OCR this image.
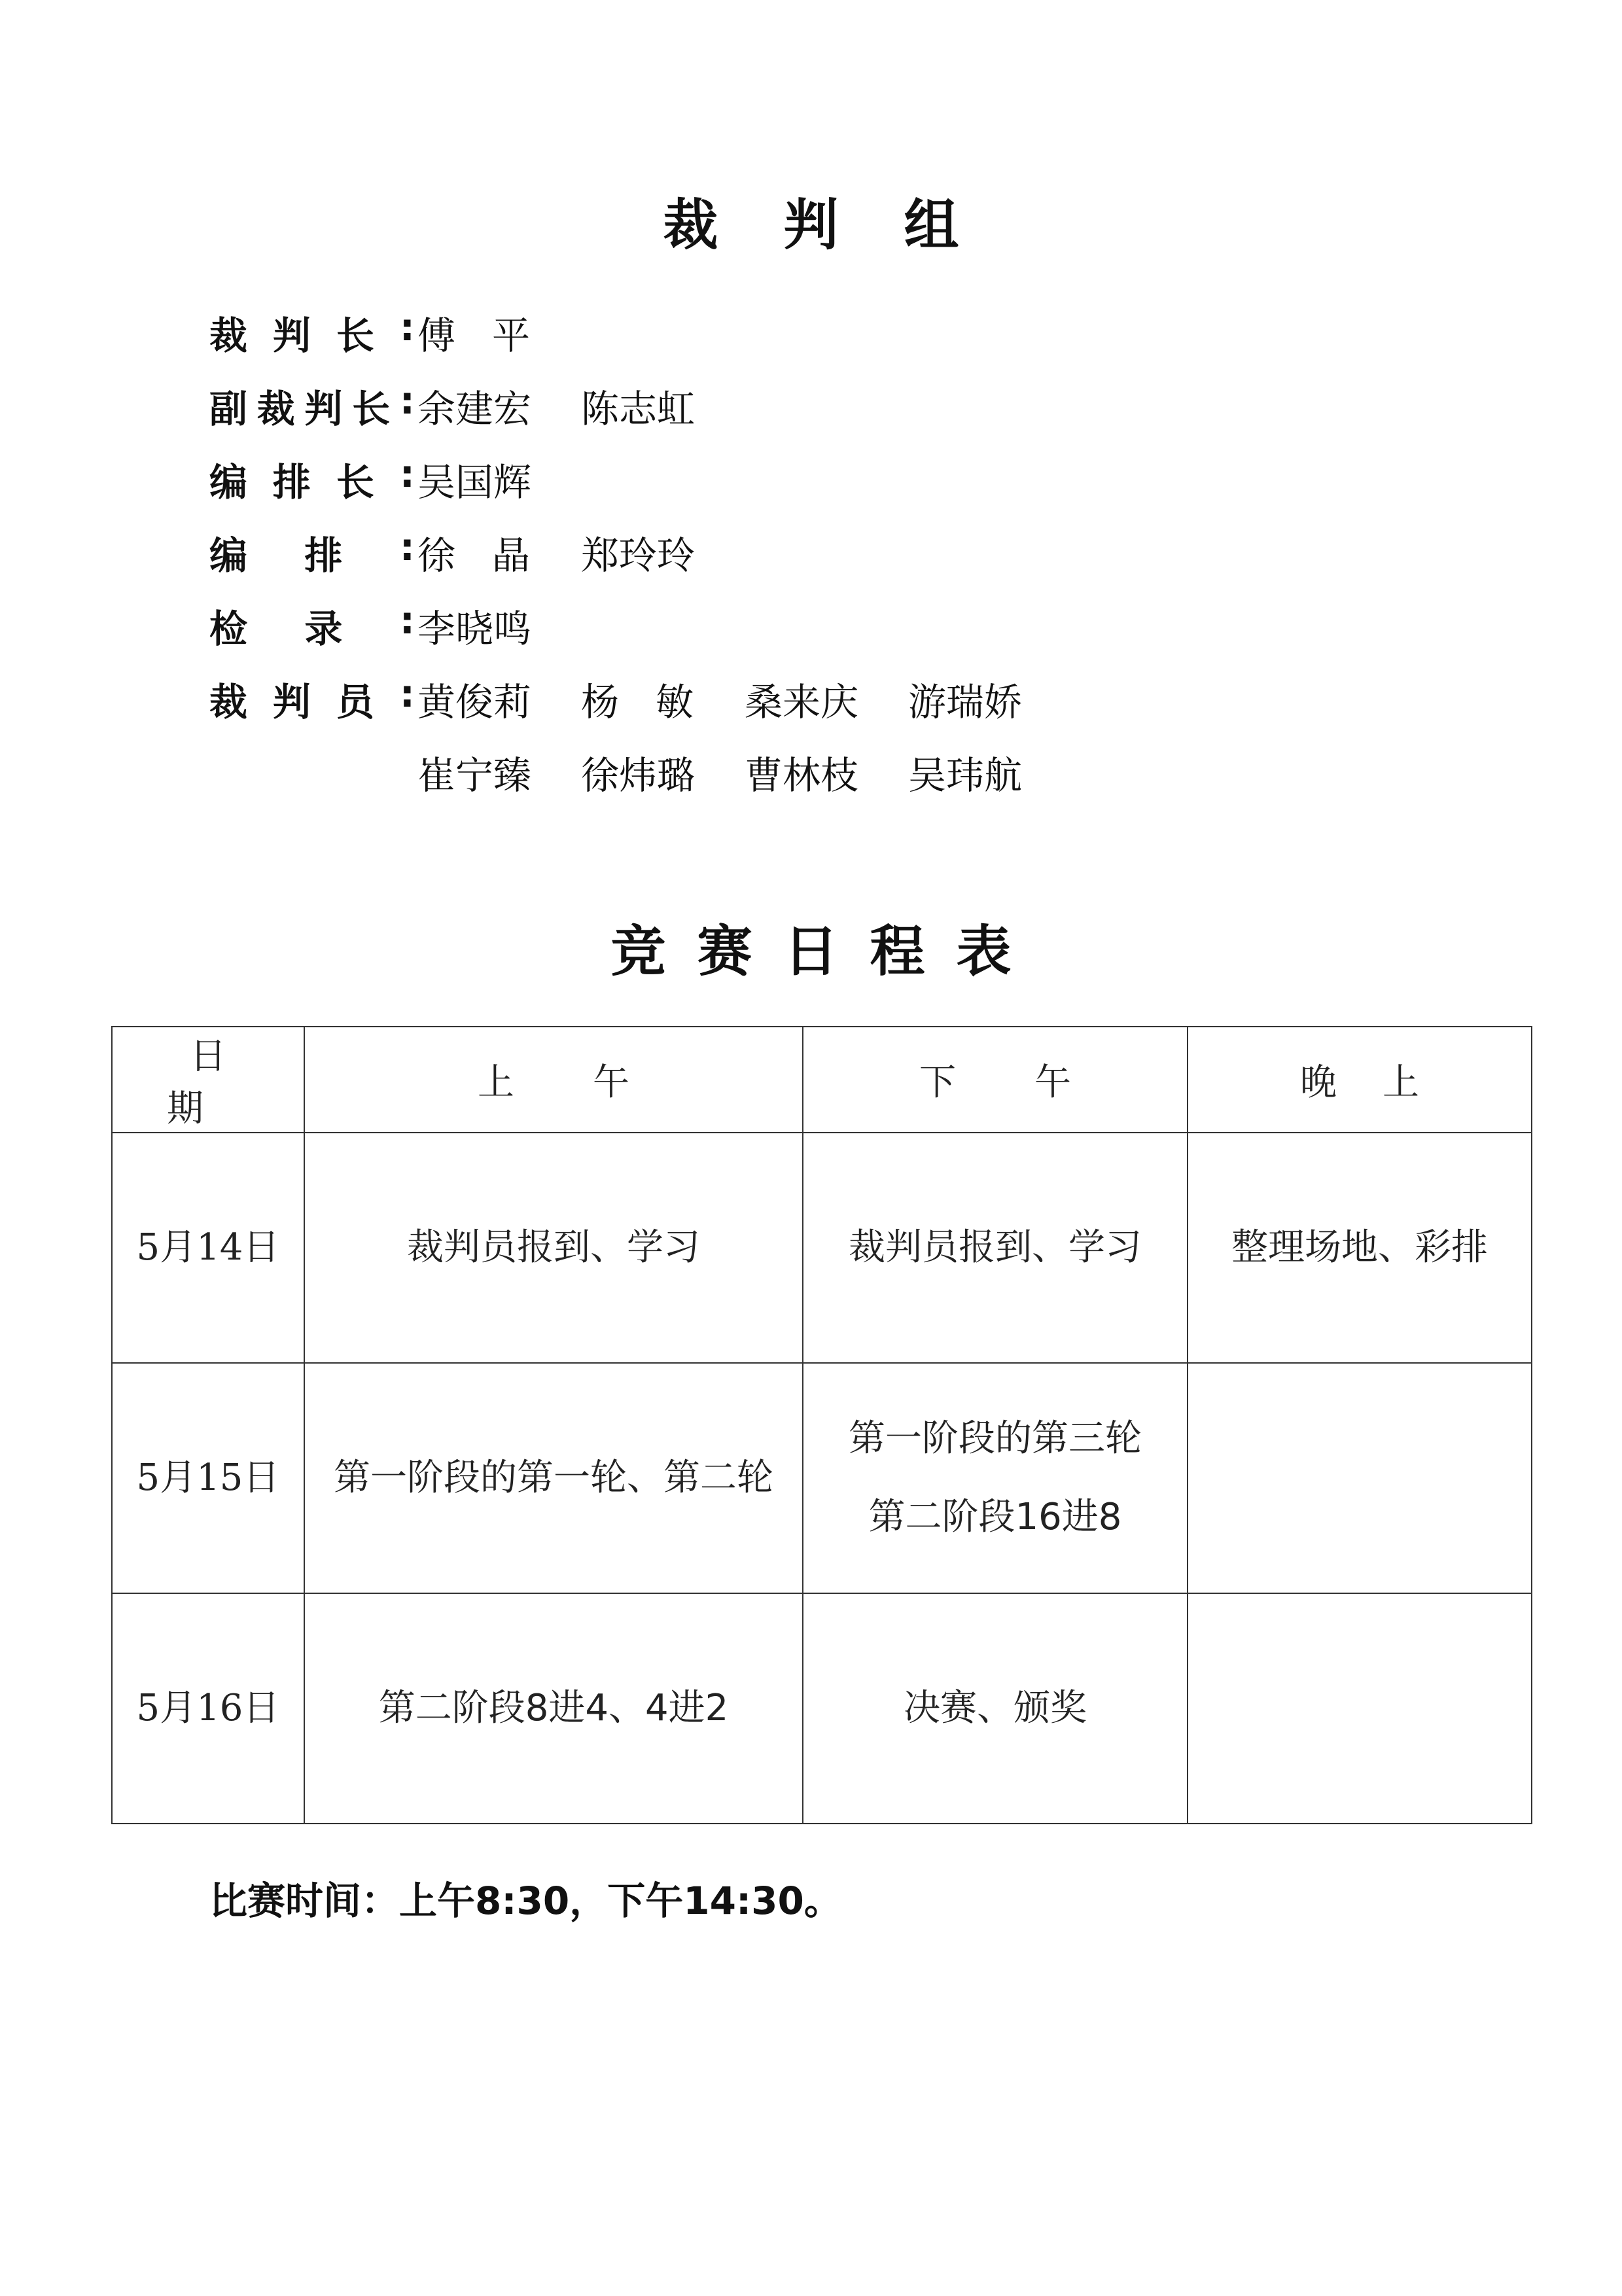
裁判组
裁 判 长 : 傅平
副 裁 判 长 : 余建宏 陈志虹
编 排 长 : 吴国辉
编 排 : 徐晶 郑玲玲
检 录 : 李晓鸣
裁 判 员 : 黄俊莉 杨敏 桑来庆 游瑞娇
崔宁臻 徐炜璐 曹林枝 吴玮航
竞赛日程表
日期	上午	下午	晚上
5月14日	裁判员报到、学习	裁判员报到、学习	整理场地、彩排

5月15日	第一阶段的第一轮、第二轮	第一阶段的第三轮
第二阶段16进8	

5月16日	第二阶段8进4、4进2	决赛、颁奖	

比赛时间：上午8:30，下午14:30。
